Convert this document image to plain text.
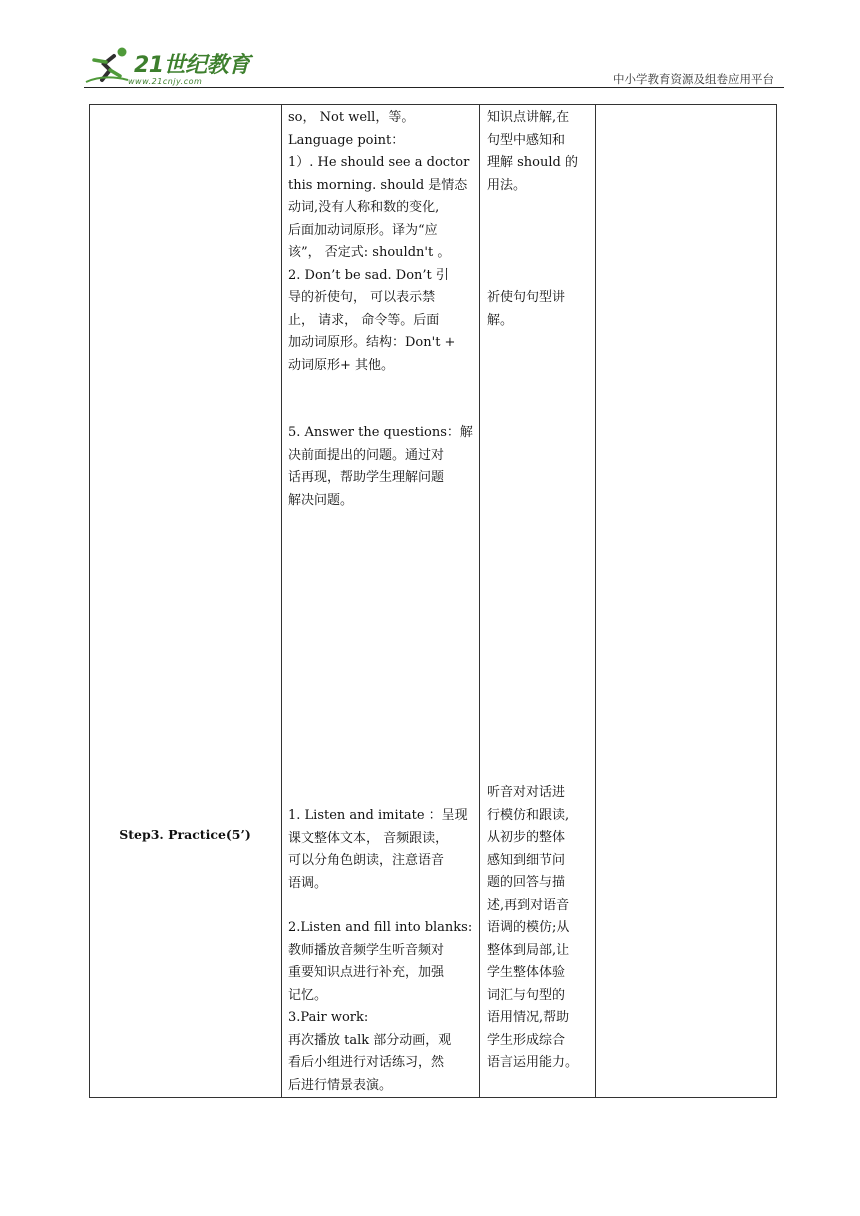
21世纪教育
www.21cnjy.com	中小学教育资源及组卷应用平台
Step3. Practice(5’)

so， Not well，等。

Language point：

1）. He should see a doctor

this morning. should 是情态

动词,没有人称和数的变化,

后面加动词原形。译为“应

该”， 否定式: shouldn't 。

2. Don’t be sad. Don’t 引

导的祈使句， 可以表示禁

止， 请求， 命令等。后面

加动词原形。结构：Don't +

动词原形+ 其他。

5. Answer the questions：解

决前面提出的问题。通过对

话再现，帮助学生理解问题

解决问题。

1. Listen and imitate ：呈现

课文整体文本， 音频跟读，

可以分角色朗读，注意语音

语调。

2.Listen and fill into blanks:

教师播放音频学生听音频对

重要知识点进行补充，加强

记忆。

3.Pair work:

再次播放 talk 部分动画，观

看后小组进行对话练习，然

后进行情景表演。

知识点讲解,在

句型中感知和

理解 should 的

用法。

祈使句句型讲

解。

听音对对话进

行模仿和跟读,

从初步的整体

感知到细节问

题的回答与描

述,再到对语音

语调的模仿;从

整体到局部,让

学生整体体验

词汇与句型的

语用情况,帮助

学生形成综合

语言运用能力。
